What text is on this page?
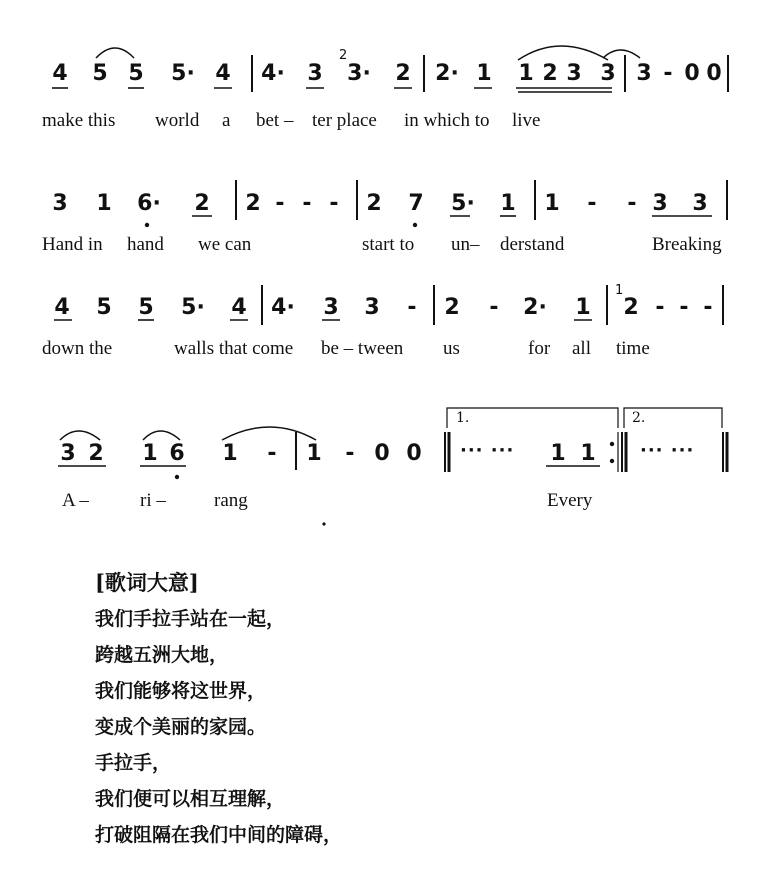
4 5 5 5· 4 4· 3
2
3· 2 2· 1 1 2 3 3 3 - 0 0
make this world a bet – ter place in which to live
3 1 6· 2 2 - - -	2 7 5· 1 1	-	- 3 3
Hand in hand we can	start to un– derstand	Breaking
4 5 5 5· 4 4· 3 3	-	2	-	2· 1
1
2 - - -
down the	walls that come be – tween us	for all time
3 2 1 6 1	-	1	- 0 0
1.	2.
··· ··· 1 1 ··· ···
A –	ri –	rang	Every
[歌词大意]
我们手拉手站在一起，
跨越五洲大地，
我们能够将这世界，
变成个美丽的家园。
手拉手，
我们便可以相互理解，
打破阻隔在我们中间的障碍，
